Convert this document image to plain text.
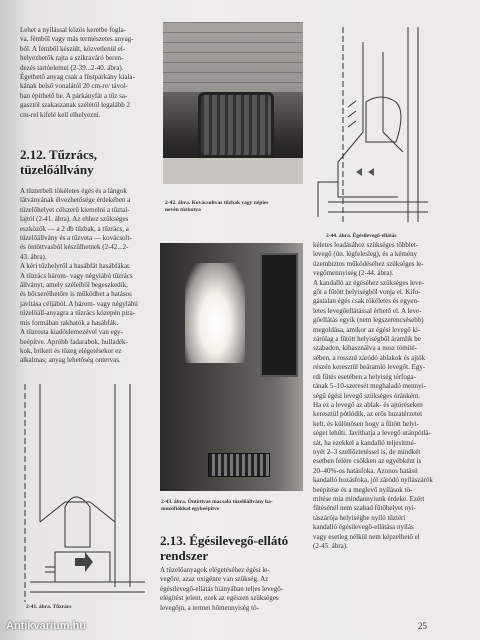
Lehet a nyílással közös keretbe fogla-

va, fémből vagy más természetes anyag-

ból. A fémből készült, közvetlenül el-

helyezhetők rajta a szikraváró beren-

dezés tartóelemei (2-39...2-40. ábra).

Égethető anyag csak a füstpárkány kiala-

kának belső vonalától 20 cm-re/ távol-

ban építhető be. A párkányfát a tűz sa-

gasztól szakaszanak szélétől legalább 2

cm-rel kifelé kell elhelyezni.

2.12. Tűzrács,
tüzelőállvány

A tüzterbeli tökéletes égés és a lángok

látványának élvezhetősége érdekében a

tüzelőhelyet célszerű kiemelni a tűztal-

lajtól (2-41. ábra). Az ehhez szükséges

eszközök — a 2 db tűzbak, a tűzrács, a

tüzelőállvány és a tűzveta — kovácsolt-

és öntöttvasból készülhetnek (2-42...2-

43. ábra).

A kéri tűzhelyről a hasábfát hasábfákat.

A tűzrács három- vagy négylábú tűzrács

állványt, amely széleiből begeszkedik,

és bőcserélhetőre is működhet a hatásos

javítása céljából. A három- vagy négylábú

tüzelőáll-anyagra a tűzrács közepén pira-

mis formában rakhatók a hasábfák.

A tűzrostа kiadóslemezével van egy-

beépítve. Apróbb fadarabok, hulladék-

kok, brikett és tőzeg elégetésekor ez

alkalmas; anyag lehetőség ontervas.

2-42. ábra. Kovácsoltvas tűzbak vagy népies
nevén tüzkutya
2-44. ábra. Égésilevegő-ellátás
2-43. ábra. Öntöttvas macsaló tüzelőállvány ha-
muzófiókkal egybeépítve
2-41. ábra. Tűzrács
2.13. Égésilevegő-ellátó
rendszer

A tüzelőanyagok elégetéséhez égési le-

vegőre, azaz oxigénre van szükség. Az

égésilevegő-ellátás hiányában teljes levegő-

elégítést jelent, ezek az egészen szükséges

levegőjn, a termet hőmennyiség tö-

kéletes leadásához szükséges többlet-

levegő (ún. légfelesleg), és a kémény

üzembiztos működéséhez szükséges le-

vegőmennyiség (2-44. ábra).

A kandalló az égéséhez szükséges leve-

gőt a fűtött helyiségből vonja el. Kifo-

gástalan égés csak tökéletes és egyen-

letes levegőellátással érhető el. A leve-

gőellátás egyik (nem legszerencsésebb)

megoldása, amikor az égési levegő ki-

zárólag a fűtött helyiségből áramlik be

szabadon, kihasználva a nosz tömíté-

sében, a rosszul záródó ablakok és ajtók

részén keresztül beáramló levegőt. Egy-

rdi fűtés esetében a helyiség térfoga-

tának 5–10-szeresét meghaladó mennyi-

ségű égési levegő szükséges óránként.

Ha ez a levegő az ablak- és ajtóréseken

keresztül pótlódik, az erős huzatérzetet

kelt, és különösen hogy a fűtött helyi-

séget lehűti. Javíthatja a levegő utánpótlá-

sát, ha ezekkel a kandalló teljesítmé-

nyét 2–3 szellőztetéssel is, de mindkét

esetben felére csökken az egyébként is

20–40%-os hatásfoka. Azonos hatású

kandalló hozásfoka, jól záródó nyílászárók

beépítése és a meglevő nyílások tö-

mítése mia mindannyiunk érdeke. Ezért

fűtésénél nem szabad fűtőhelyet nyi-

tászárója helyiségbe nyíló tűztéri

kandalló égésilevegő-ellátása nyílás

vagy esetleg nélkül nem képzelhető el

(2-45. ábra).

25
Antikvarium.hu
